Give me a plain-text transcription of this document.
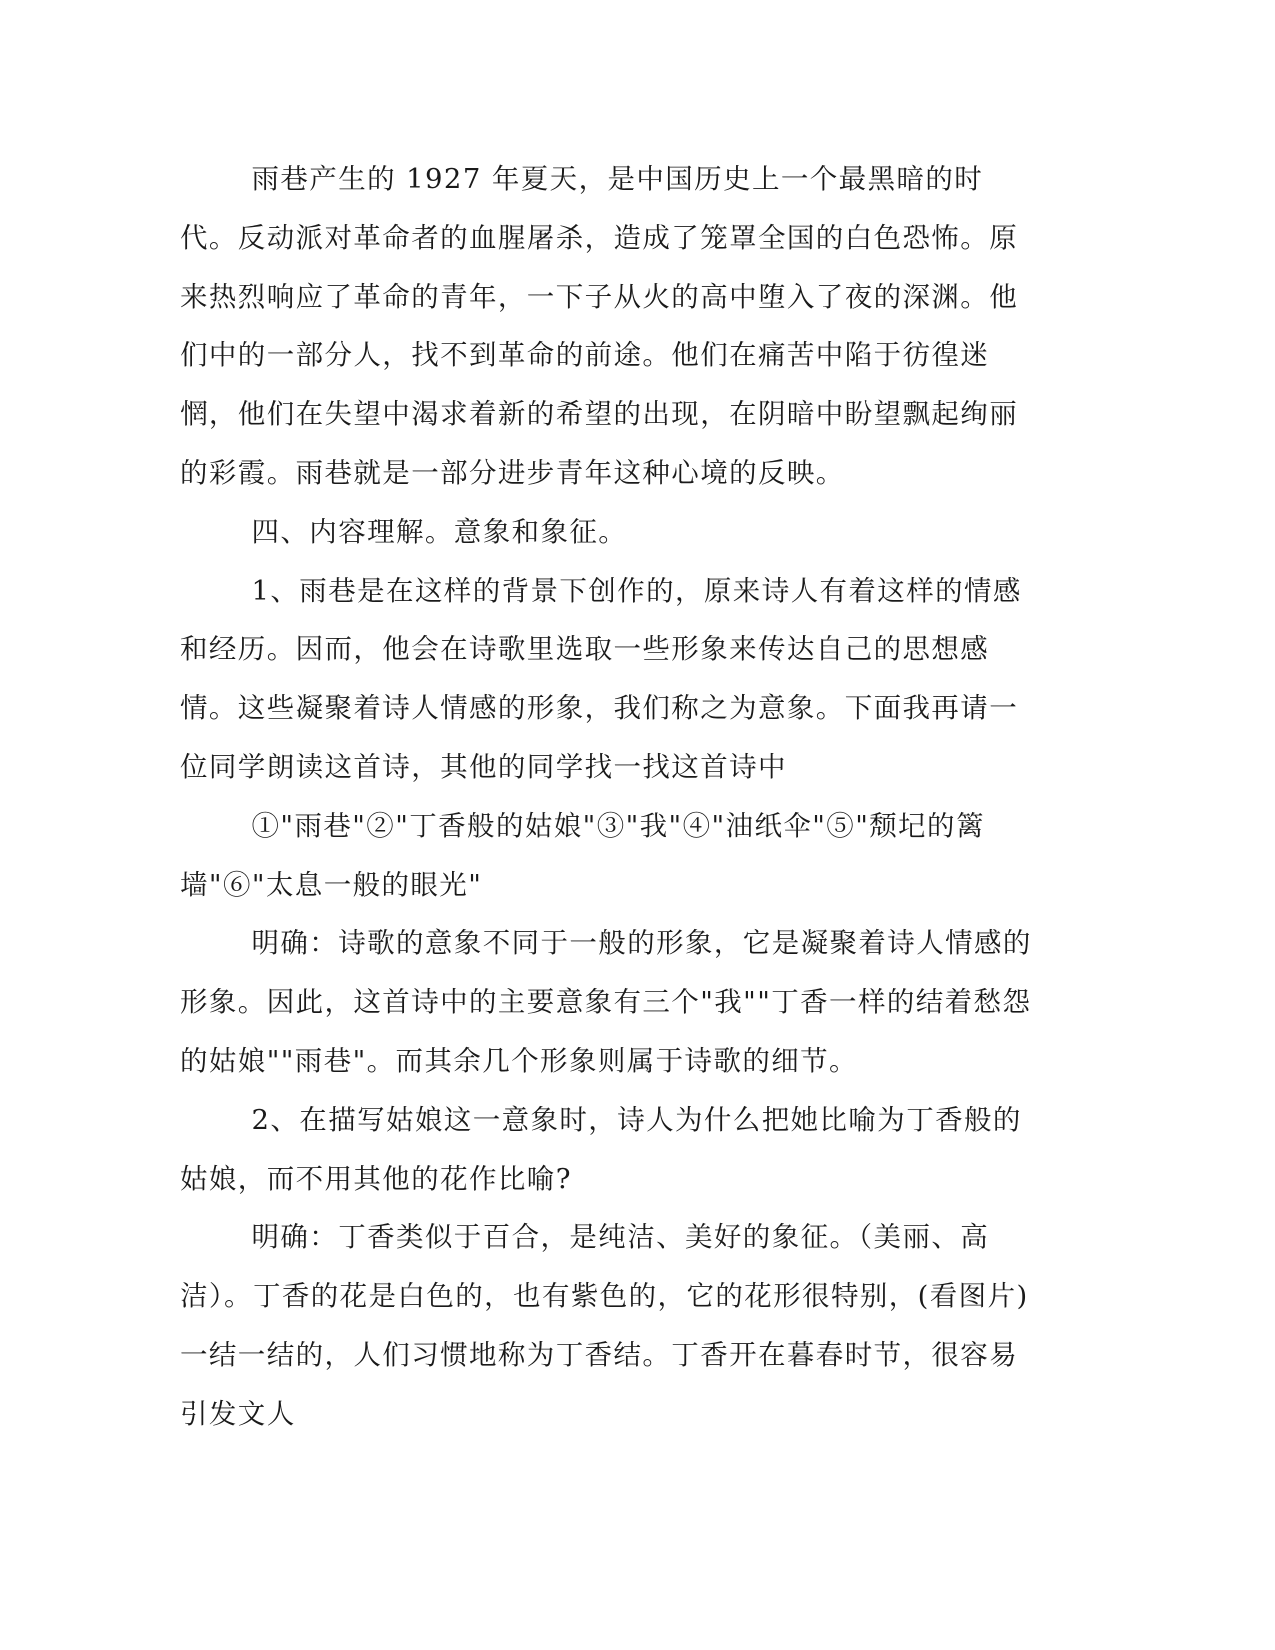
雨巷产生的 1927 年夏天，是中国历史上一个最黑暗的时代。反动派对革命者的血腥屠杀，造成了笼罩全国的白色恐怖。原来热烈响应了革命的青年，一下子从火的高中堕入了夜的深渊。他们中的一部分人，找不到革命的前途。他们在痛苦中陷于彷徨迷惘，他们在失望中渴求着新的希望的出现，在阴暗中盼望飘起绚丽的彩霞。雨巷就是一部分进步青年这种心境的反映。

四、内容理解。意象和象征。

1、雨巷是在这样的背景下创作的，原来诗人有着这样的情感和经历。因而，他会在诗歌里选取一些形象来传达自己的思想感情。这些凝聚着诗人情感的形象，我们称之为意象。下面我再请一位同学朗读这首诗，其他的同学找一找这首诗中

①"雨巷"②"丁香般的姑娘"③"我"④"油纸伞"⑤"颓圮的篱墙"⑥"太息一般的眼光"

明确：诗歌的意象不同于一般的形象，它是凝聚着诗人情感的形象。因此，这首诗中的主要意象有三个"我""丁香一样的结着愁怨的姑娘""雨巷"。而其余几个形象则属于诗歌的细节。

2、在描写姑娘这一意象时，诗人为什么把她比喻为丁香般的姑娘，而不用其他的花作比喻?

明确：丁香类似于百合，是纯洁、美好的象征。（美丽、高洁）。丁香的花是白色的，也有紫色的，它的花形很特别，(看图片)一结一结的，人们习惯地称为丁香结。丁香开在暮春时节，很容易引发文人
